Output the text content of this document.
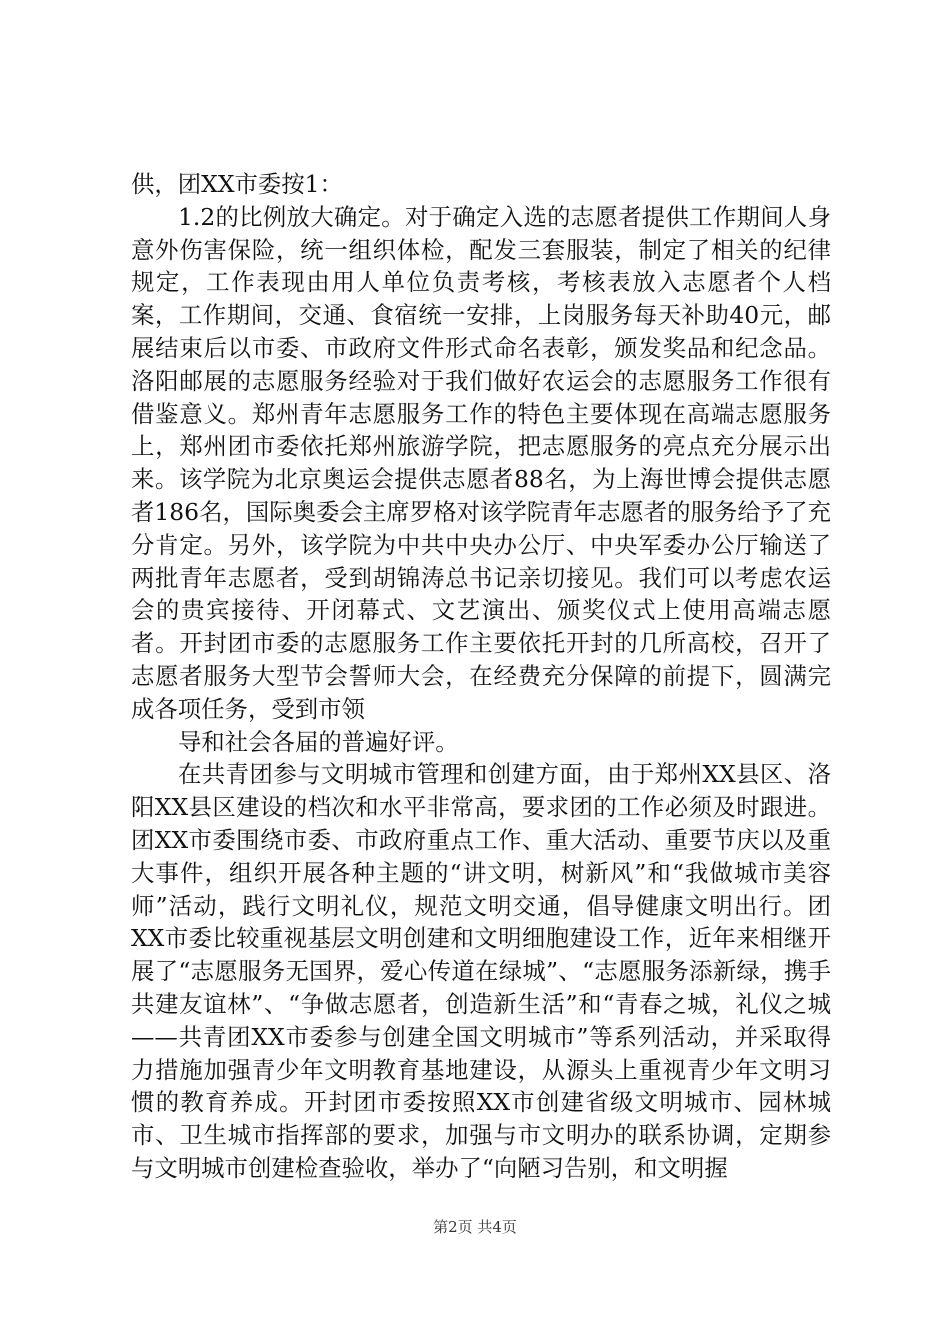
供，团XX市委按1：

1.2的比例放大确定。对于确定入选的志愿者提供工作期间人身意外伤害保险，统一组织体检，配发三套服装，制定了相关的纪律规定，工作表现由用人单位负责考核，考核表放入志愿者个人档案，工作期间，交通、食宿统一安排，上岗服务每天补助40元，邮展结束后以市委、市政府文件形式命名表彰，颁发奖品和纪念品。洛阳邮展的志愿服务经验对于我们做好农运会的志愿服务工作很有借鉴意义。郑州青年志愿服务工作的特色主要体现在高端志愿服务上，郑州团市委依托郑州旅游学院，把志愿服务的亮点充分展示出来。该学院为北京奥运会提供志愿者88名，为上海世博会提供志愿者186名，国际奥委会主席罗格对该学院青年志愿者的服务给予了充分肯定。另外，该学院为中共中央办公厅、中央军委办公厅输送了两批青年志愿者，受到胡锦涛总书记亲切接见。我们可以考虑农运会的贵宾接待、开闭幕式、文艺演出、颁奖仪式上使用高端志愿者。开封团市委的志愿服务工作主要依托开封的几所高校，召开了志愿者服务大型节会誓师大会，在经费充分保障的前提下，圆满完成各项任务，受到市领

导和社会各届的普遍好评。

在共青团参与文明城市管理和创建方面，由于郑州XX县区、洛阳XX县区建设的档次和水平非常高，要求团的工作必须及时跟进。团XX市委围绕市委、市政府重点工作、重大活动、重要节庆以及重大事件，组织开展各种主题的“讲文明，树新风”和“我做城市美容师”活动，践行文明礼仪，规范文明交通，倡导健康文明出行。团XX市委比较重视基层文明创建和文明细胞建设工作，近年来相继开展了“志愿服务无国界，爱心传道在绿城”、“志愿服务添新绿，携手共建友谊林”、“争做志愿者，创造新生活”和“青春之城，礼仪之城——共青团XX市委参与创建全国文明城市”等系列活动，并采取得力措施加强青少年文明教育基地建设，从源头上重视青少年文明习惯的教育养成。开封团市委按照XX市创建省级文明城市、园林城市、卫生城市指挥部的要求，加强与市文明办的联系协调，定期参与文明城市创建检查验收，举办了“向陋习告别，和文明握

第2页 共4页
